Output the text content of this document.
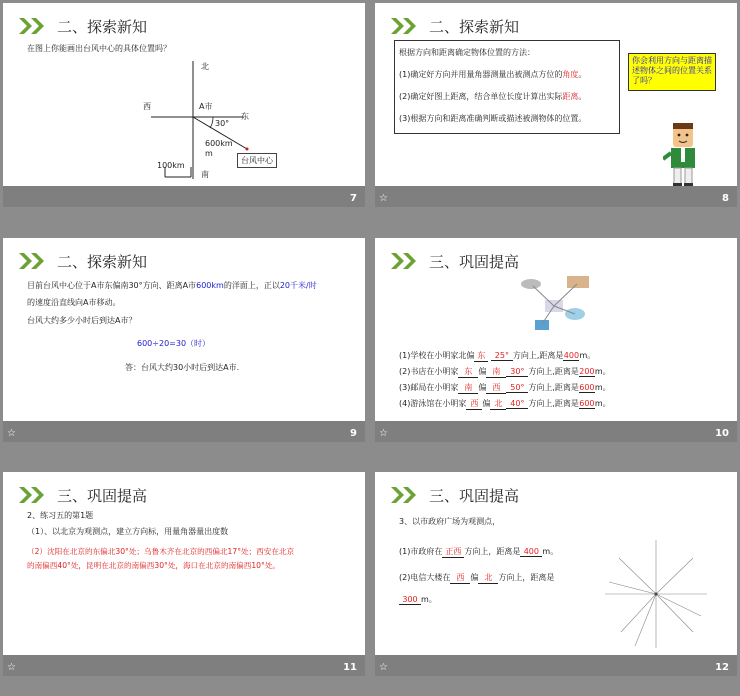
二、探索新知
在图上你能画出台风中心的具体位置吗？
北
南
东
西	A市
30°
600km
m
100km
台风中心
7
二、探索新知
根据方向和距离确定物体位置的方法：
(1)确定好方向并用量角器测量出被测点方位的角度。
(2)确定好图上距离，结合单位长度计算出实际距离。
(3)根据方向和距离准确判断或描述被测物体的位置。
你会利用方向与距离描述物体之间的位置关系了吗？
☆	8
二、探索新知
目前台风中心位于A市东偏南30°方向、距离A市600km的洋面上，正以20千米/时
的速度沿直线向A市移动。
台风大约多少小时后到达A市？
600÷20=30（时）
答：台风大约30小时后到达A市.
☆	9
三、巩固提高
(1)学校在小明家北偏 东 25° 方向上,距离是400m。
(2)书店在小明家 东 偏 南 30° 方向上,距离是200m。
(3)邮局在小明家 南 偏 西 50° 方向上,距离是600m。
(4)游泳馆在小明家 西 偏 北 40° 方向上,距离是600m。
☆	10
三、巩固提高
2、练习五的第1题
（1）、以北京为观测点，建立方向标，用量角器量出度数
（2）沈阳在北京的东偏北30°处；乌鲁木齐在北京的西偏北17°处；西安在北京
的南偏西40°处，昆明在北京的南偏西30°处，海口在北京的南偏西10°处。
☆	11
三、巩固提高
3、以市政府广场为观测点，
(1)市政府在 正西 方向上，距离是 400 m。
(2)电信大楼在 西 偏 北 方向上，距离是
300 m。
☆	12
